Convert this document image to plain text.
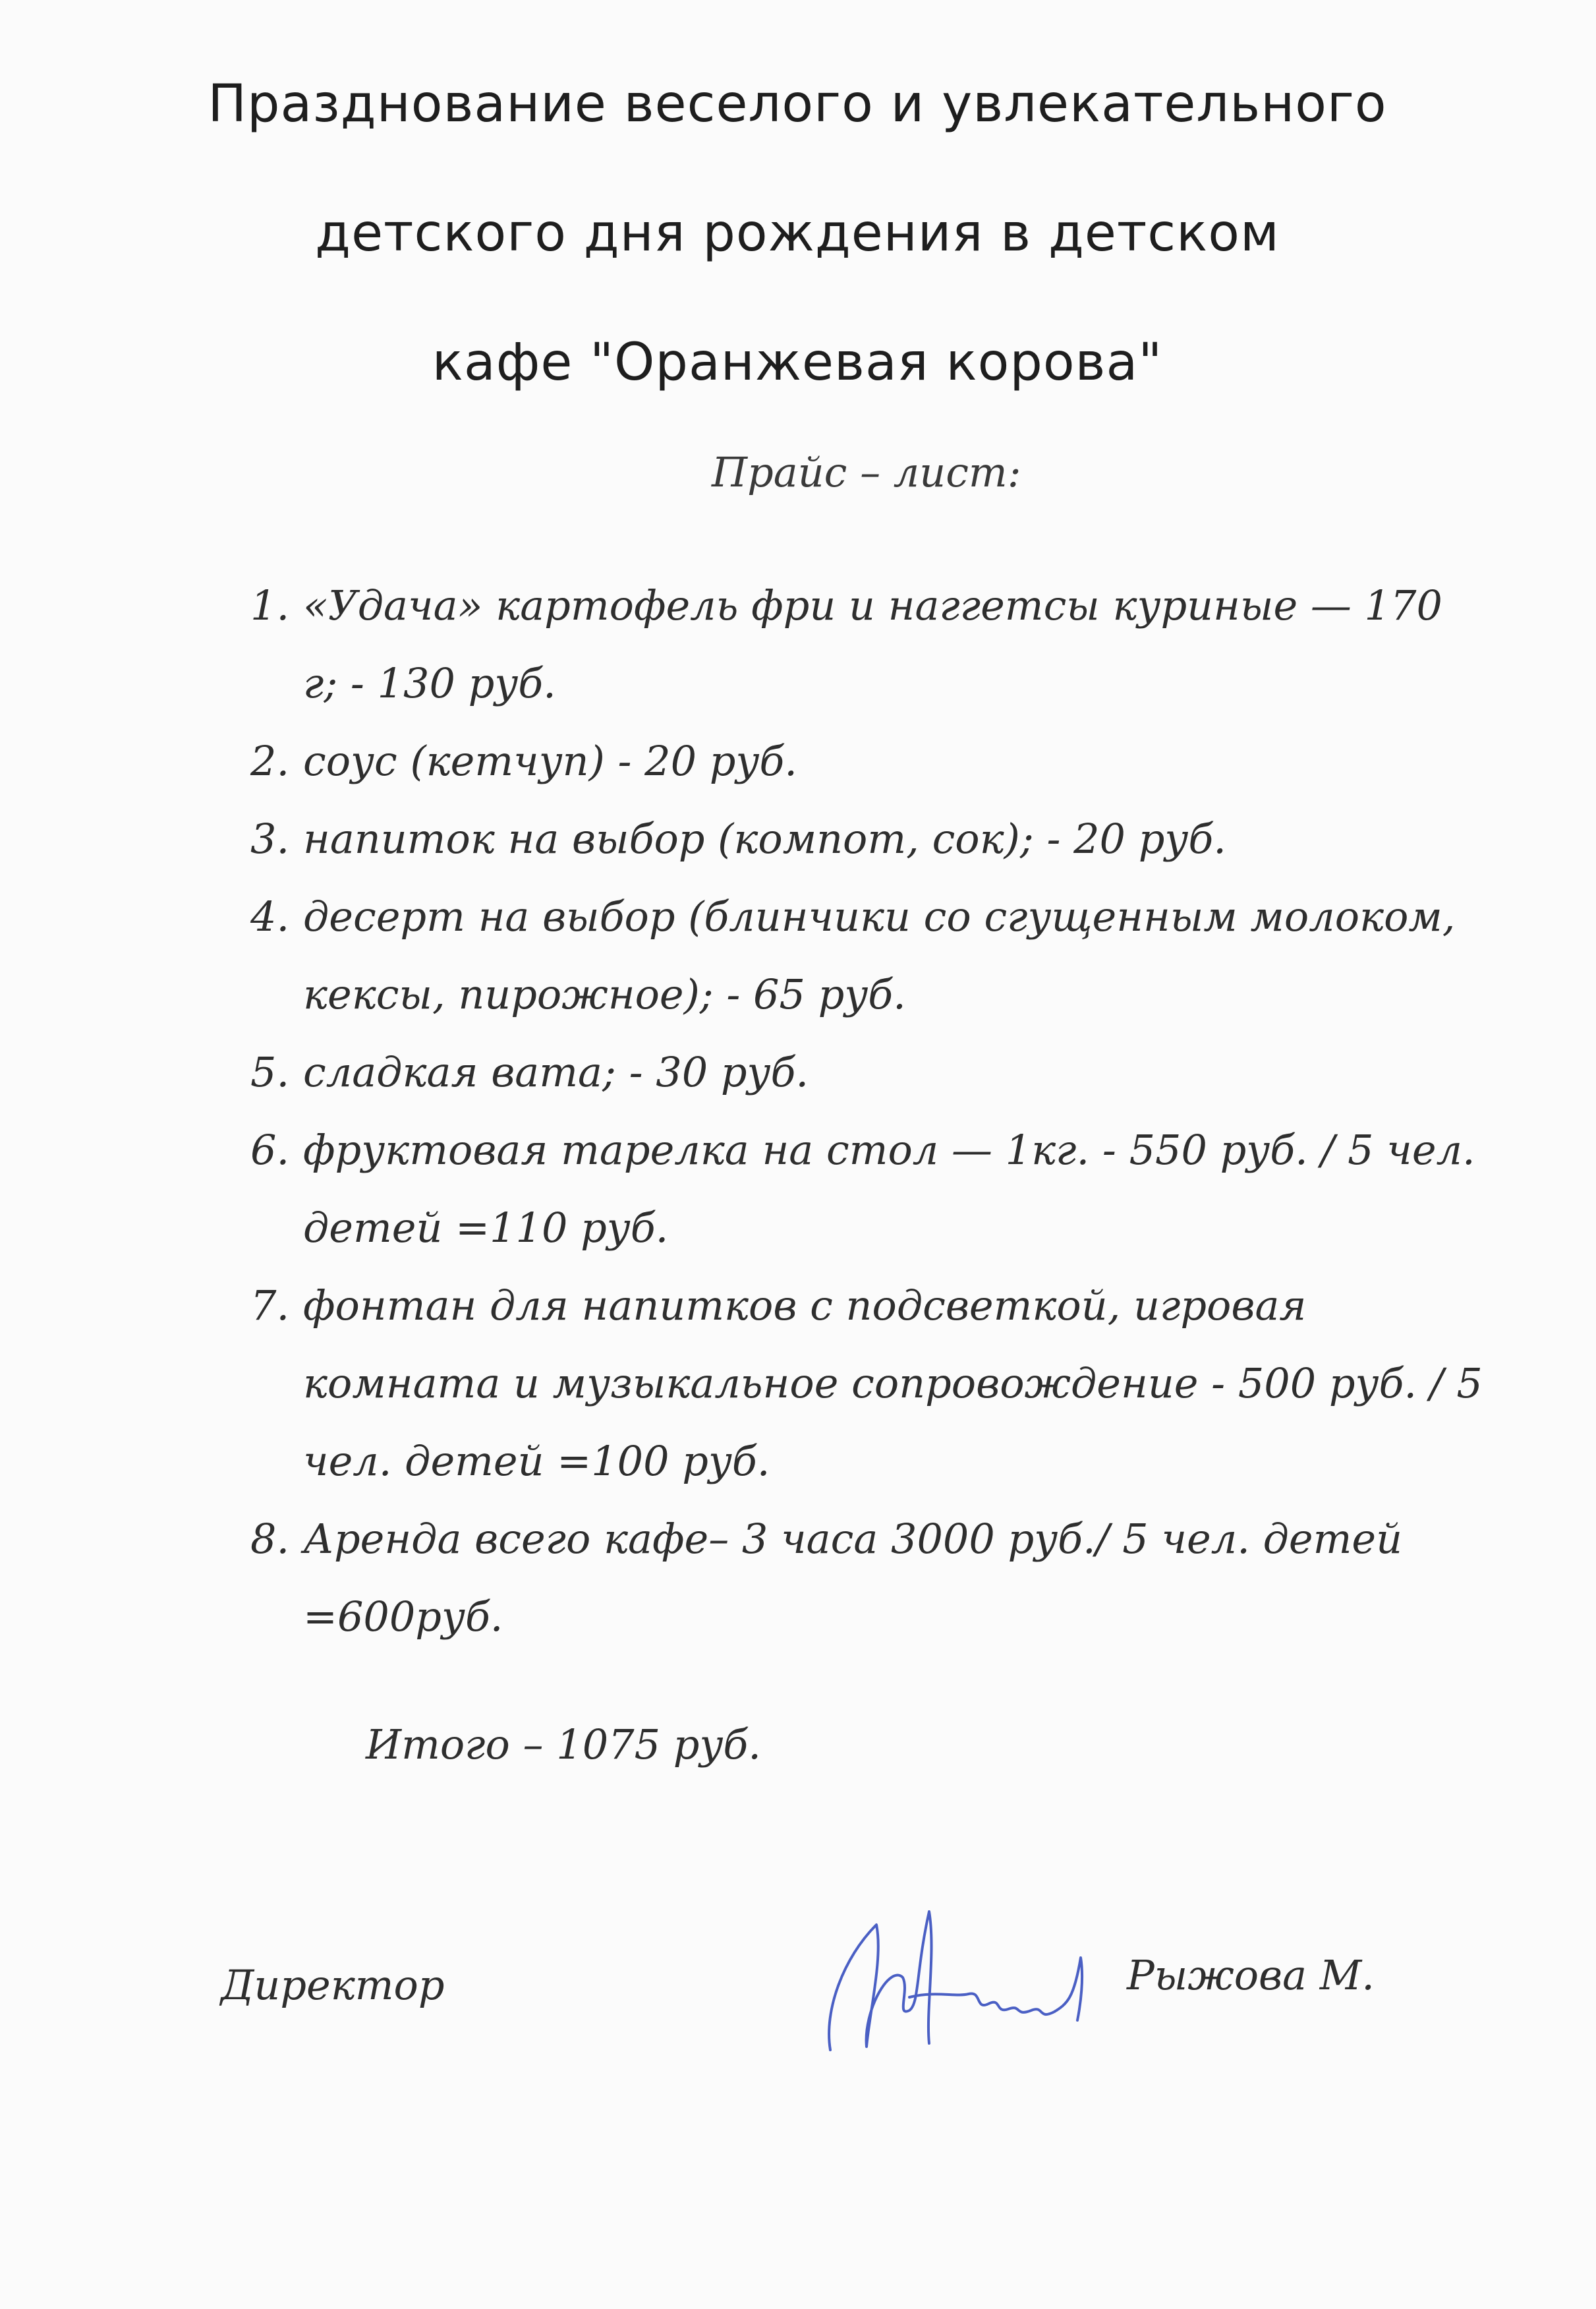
Празднование веселого и увлекательного
детского дня рождения в детском
кафе "Оранжевая корова"
Прайс – лист:
1. «Удача» картофель фри и наггетсы куриные — 170 г; - 130 руб.
2. соус (кетчуп) - 20 руб.
3. напиток на выбор (компот, сок); - 20 руб.
4. десерт на выбор (блинчики со сгущенным молоком, кексы, пирожное); - 65 руб.
5. сладкая вата; - 30 руб.
6. фруктовая тарелка на стол — 1кг. - 550 руб. / 5 чел. детей =110 руб.
7. фонтан для напитков с подсветкой, игровая комната и музыкальное сопровождение - 500 руб. / 5 чел. детей =100 руб.
8. Аренда всего кафе– 3 часа 3000 руб./ 5 чел. детей =600руб.
Итого – 1075 руб.
Директор	Рыжова М.
